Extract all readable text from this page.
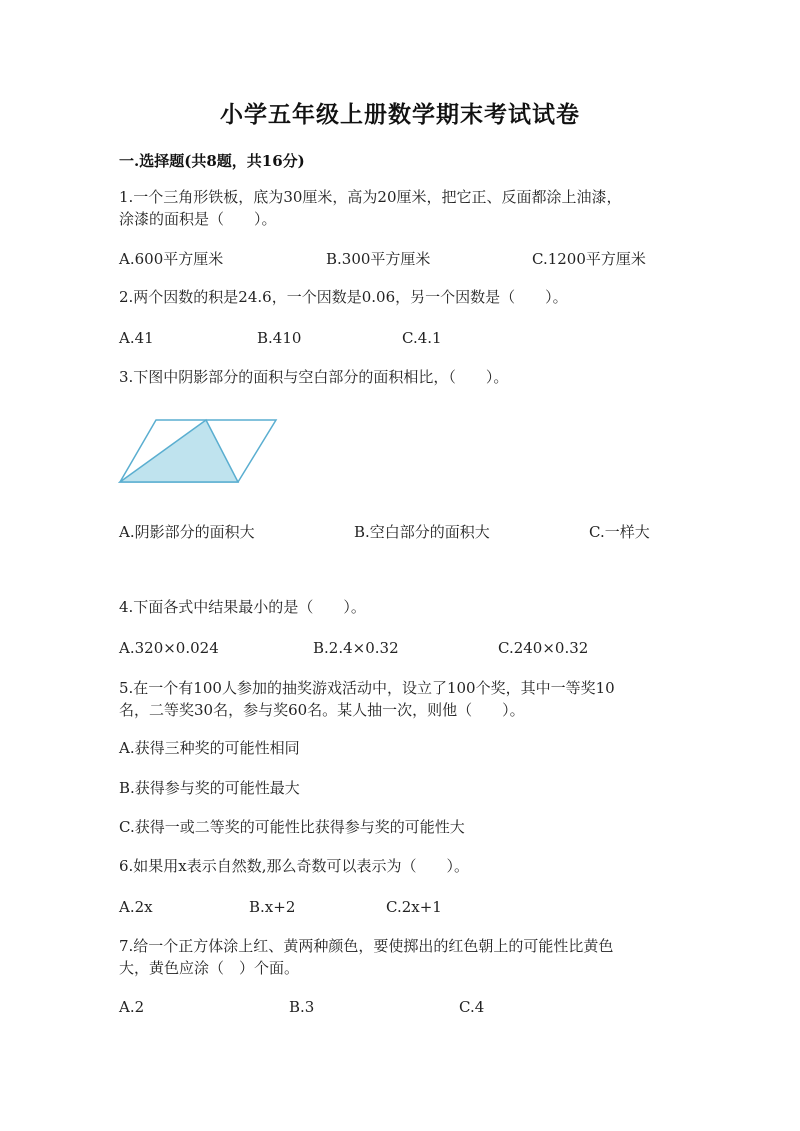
小学五年级上册数学期末考试试卷
一.选择题(共8题，共16分)
1.一个三角形铁板，底为30厘米，高为20厘米，把它正、反面都涂上油漆，
涂漆的面积是（　　）。
A.600平方厘米	B.300平方厘米	C.1200平方厘米
2.两个因数的积是24.6，一个因数是0.06，另一个因数是（　　）。
A.41	B.410	C.4.1
3.下图中阴影部分的面积与空白部分的面积相比，（　　）。
A.阴影部分的面积大	B.空白部分的面积大	C.一样大
4.下面各式中结果最小的是（　　）。
A.320×0.024	B.2.4×0.32	C.240×0.32
5.在一个有100人参加的抽奖游戏活动中，设立了100个奖，其中一等奖10
名，二等奖30名，参与奖60名。某人抽一次，则他（　　）。
A.获得三种奖的可能性相同
B.获得参与奖的可能性最大
C.获得一或二等奖的可能性比获得参与奖的可能性大
6.如果用x表示自然数,那么奇数可以表示为（　　）。
A.2x	B.x+2	C.2x+1
7.给一个正方体涂上红、黄两种颜色，要使掷出的红色朝上的可能性比黄色
大，黄色应涂（　）个面。
A.2	B.3	C.4
